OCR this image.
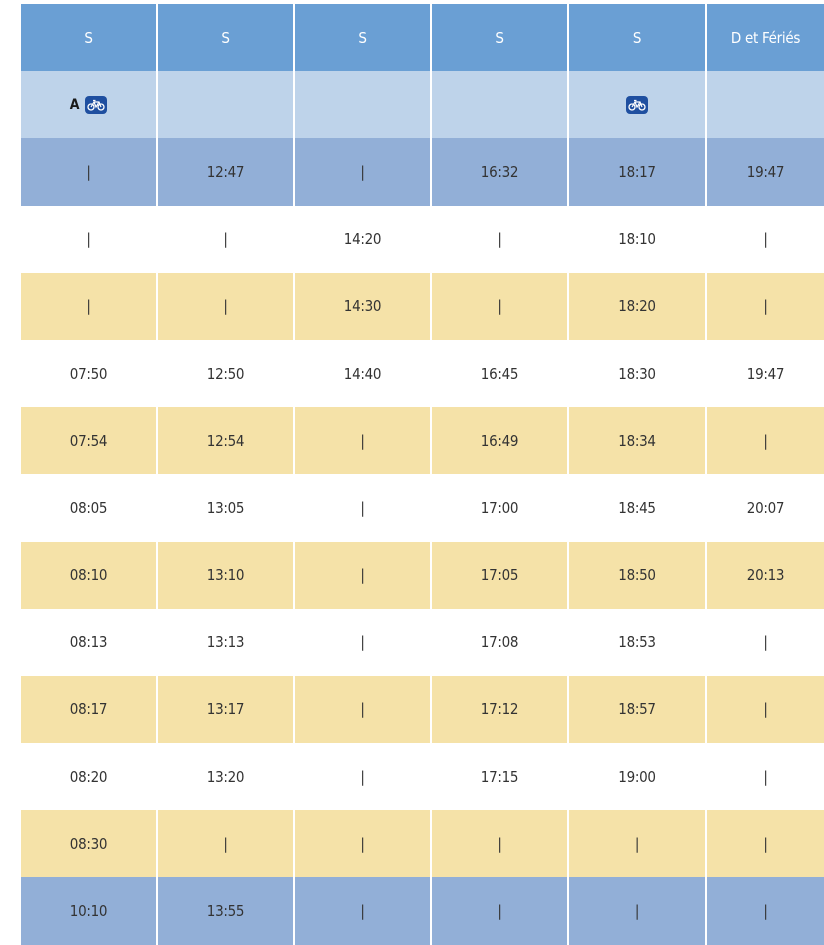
S	S	S	S	S	D et Fériés
A

|	12:47	|	16:32	18:17	19:47
|	|	14:20	|	18:10	|
|	|	14:30	|	18:20	|
07:50	12:50	14:40	16:45	18:30	19:47
07:54	12:54	|	16:49	18:34	|
08:05	13:05	|	17:00	18:45	20:07
08:10	13:10	|	17:05	18:50	20:13
08:13	13:13	|	17:08	18:53	|
08:17	13:17	|	17:12	18:57	|
08:20	13:20	|	17:15	19:00	|
08:30	|	|	|	|	|
10:10	13:55	|	|	|	|
